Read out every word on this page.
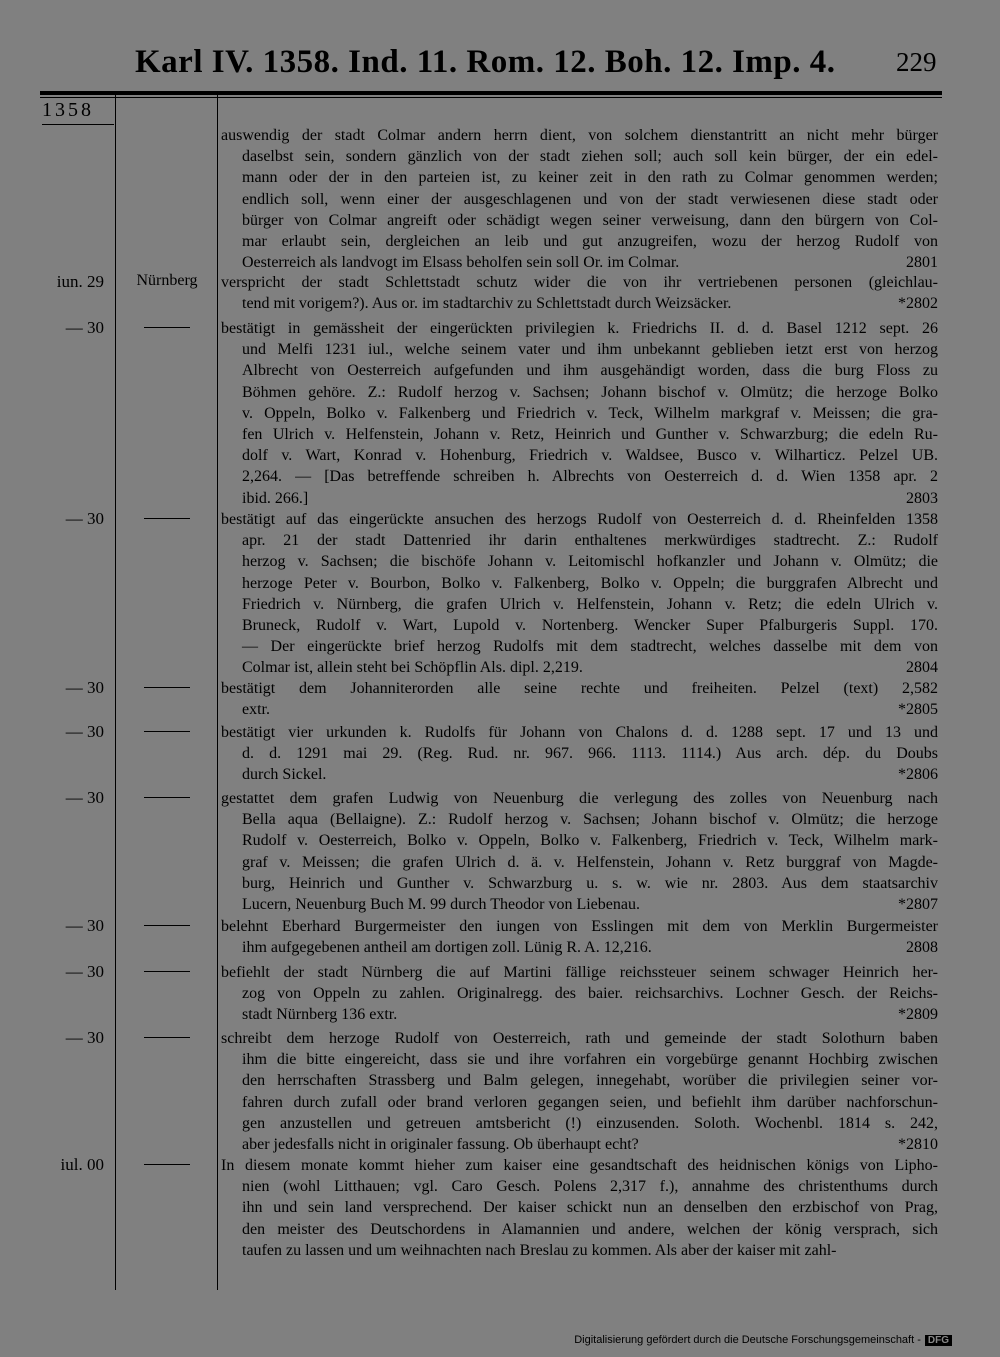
Karl IV. 1358. Ind. 11. Rom. 12. Boh. 12. Imp. 4. 229
1358
auswendig der stadt Colmar andern herrn dient, von solchem dienstantritt an nicht mehr bürger
daselbst sein, sondern gänzlich von der stadt ziehen soll; auch soll kein bürger, der ein edel-
mann oder der in den parteien ist, zu keiner zeit in den rath zu Colmar genommen werden;
endlich soll, wenn einer der ausgeschlagenen und von der stadt verwiesenen diese stadt oder
bürger von Colmar angreift oder schädigt wegen seiner verweisung, dann den bürgern von Col-
mar erlaubt sein, dergleichen an leib und gut anzugreifen, wozu der herzog Rudolf von
Oesterreich als landvogt im Elsass beholfen sein soll Or. im Colmar.	2801
iun. 29	Nürnberg	verspricht der stadt Schlettstadt schutz wider die von ihr vertriebenen personen (gleichlau-
tend mit vorigem?). Aus or. im stadtarchiv zu Schlettstadt durch Weizsäcker.	*2802
— 30	bestätigt in gemässheit der eingerückten privilegien k. Friedrichs II. d. d. Basel 1212 sept. 26
und Melfi 1231 iul., welche seinem vater und ihm unbekannt geblieben ietzt erst von herzog
Albrecht von Oesterreich aufgefunden und ihm ausgehändigt worden, dass die burg Floss zu
Böhmen gehöre. Z.: Rudolf herzog v. Sachsen; Johann bischof v. Olmütz; die herzoge Bolko
v. Oppeln, Bolko v. Falkenberg und Friedrich v. Teck, Wilhelm markgraf v. Meissen; die gra-
fen Ulrich v. Helfenstein, Johann v. Retz, Heinrich und Gunther v. Schwarzburg; die edeln Ru-
dolf v. Wart, Konrad v. Hohenburg, Friedrich v. Waldsee, Busco v. Wilharticz. Pelzel UB.
2,264. — [Das betreffende schreiben h. Albrechts von Oesterreich d. d. Wien 1358 apr. 2
ibid. 266.]	2803
— 30	bestätigt auf das eingerückte ansuchen des herzogs Rudolf von Oesterreich d. d. Rheinfelden 1358
apr. 21 der stadt Dattenried ihr darin enthaltenes merkwürdiges stadtrecht. Z.: Rudolf
herzog v. Sachsen; die bischöfe Johann v. Leitomischl hofkanzler und Johann v. Olmütz; die
herzoge Peter v. Bourbon, Bolko v. Falkenberg, Bolko v. Oppeln; die burggrafen Albrecht und
Friedrich v. Nürnberg, die grafen Ulrich v. Helfenstein, Johann v. Retz; die edeln Ulrich v.
Bruneck, Rudolf v. Wart, Lupold v. Nortenberg. Wencker Super Pfalburgeris Suppl. 170.
— Der eingerückte brief herzog Rudolfs mit dem stadtrecht, welches dasselbe mit dem von
Colmar ist, allein steht bei Schöpflin Als. dipl. 2,219.	2804
— 30	bestätigt dem Johanniterorden alle seine rechte und freiheiten. Pelzel (text) 2,582
extr.	*2805
— 30	bestätigt vier urkunden k. Rudolfs für Johann von Chalons d. d. 1288 sept. 17 und 13 und
d. d. 1291 mai 29. (Reg. Rud. nr. 967. 966. 1113. 1114.) Aus arch. dép. du Doubs
durch Sickel.	*2806
— 30	gestattet dem grafen Ludwig von Neuenburg die verlegung des zolles von Neuenburg nach
Bella aqua (Bellaigne). Z.: Rudolf herzog v. Sachsen; Johann bischof v. Olmütz; die herzoge
Rudolf v. Oesterreich, Bolko v. Oppeln, Bolko v. Falkenberg, Friedrich v. Teck, Wilhelm mark-
graf v. Meissen; die grafen Ulrich d. ä. v. Helfenstein, Johann v. Retz burggraf von Magde-
burg, Heinrich und Gunther v. Schwarzburg u. s. w. wie nr. 2803. Aus dem staatsarchiv
Lucern, Neuenburg Buch M. 99 durch Theodor von Liebenau.	*2807
— 30	belehnt Eberhard Burgermeister den iungen von Esslingen mit dem von Merklin Burgermeister
ihm aufgegebenen antheil am dortigen zoll. Lünig R. A. 12,216.	2808
— 30	befiehlt der stadt Nürnberg die auf Martini fällige reichssteuer seinem schwager Heinrich her-
zog von Oppeln zu zahlen. Originalregg. des baier. reichsarchivs. Lochner Gesch. der Reichs-
stadt Nürnberg 136 extr.	*2809
— 30	schreibt dem herzoge Rudolf von Oesterreich, rath und gemeinde der stadt Solothurn baben
ihm die bitte eingereicht, dass sie und ihre vorfahren ein vorgebürge genannt Hochbirg zwischen
den herrschaften Strassberg und Balm gelegen, innegehabt, worüber die privilegien seiner vor-
fahren durch zufall oder brand verloren gegangen seien, und befiehlt ihm darüber nachforschun-
gen anzustellen und getreuen amtsbericht (!) einzusenden. Soloth. Wochenbl. 1814 s. 242,
aber jedesfalls nicht in originaler fassung. Ob überhaupt echt?	*2810
iul. 00	In diesem monate kommt hieher zum kaiser eine gesandtschaft des heidnischen königs von Lipho-
nien (wohl Litthauen; vgl. Caro Gesch. Polens 2,317 f.), annahme des christenthums durch
ihn und sein land versprechend. Der kaiser schickt nun an denselben den erzbischof von Prag,
den meister des Deutschordens in Alamannien und andere, welchen der könig versprach, sich
taufen zu lassen und um weihnachten nach Breslau zu kommen. Als aber der kaiser mit zahl-
Digitalisierung gefördert durch die Deutsche Forschungsgemeinschaft - DFG
